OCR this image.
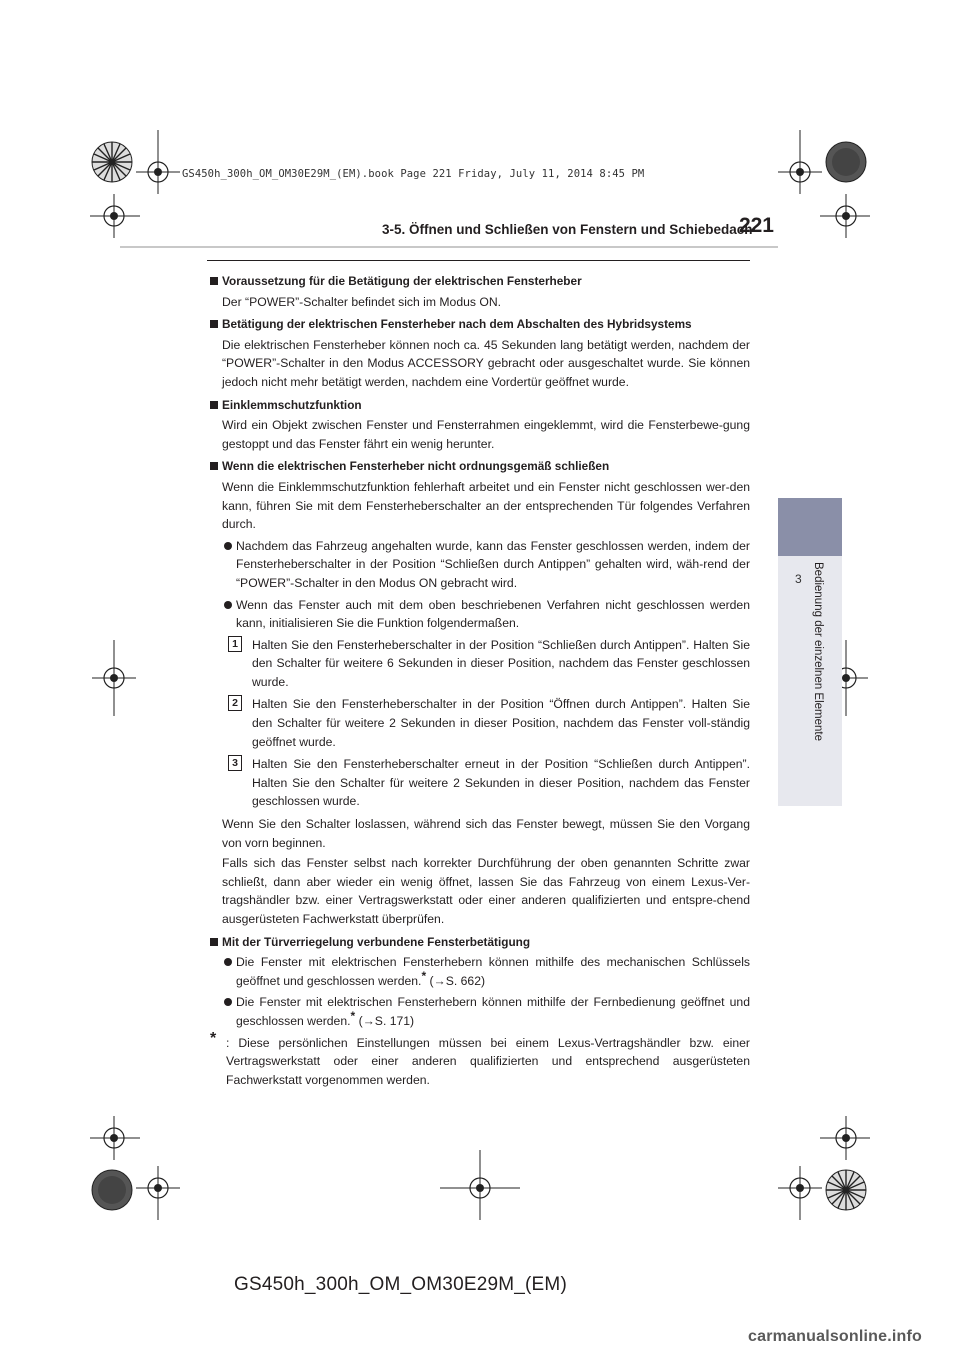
GS450h_300h_OM_OM30E29M_(EM).book Page 221 Friday, July 11, 2014 8:45 PM
3-5. Öffnen und Schließen von Fenstern und Schiebedach
221
3 Bedienung der einzelnen Elemente
Voraussetzung für die Betätigung der elektrischen Fensterheber
Der “POWER”-Schalter befindet sich im Modus ON.
Betätigung der elektrischen Fensterheber nach dem Abschalten des Hybridsystems
Die elektrischen Fensterheber können noch ca. 45 Sekunden lang betätigt werden, nachdem der “POWER”-Schalter in den Modus ACCESSORY gebracht oder ausgeschaltet wurde. Sie können jedoch nicht mehr betätigt werden, nachdem eine Vordertür geöffnet wurde.
Einklemmschutzfunktion
Wird ein Objekt zwischen Fenster und Fensterrahmen eingeklemmt, wird die Fensterbewe-gung gestoppt und das Fenster fährt ein wenig herunter.
Wenn die elektrischen Fensterheber nicht ordnungsgemäß schließen
Wenn die Einklemmschutzfunktion fehlerhaft arbeitet und ein Fenster nicht geschlossen wer-den kann, führen Sie mit dem Fensterheberschalter an der entsprechenden Tür folgendes Verfahren durch.
Nachdem das Fahrzeug angehalten wurde, kann das Fenster geschlossen werden, indem der Fensterheberschalter in der Position “Schließen durch Antippen” gehalten wird, wäh-rend der “POWER”-Schalter in den Modus ON gebracht wird.
Wenn das Fenster auch mit dem oben beschriebenen Verfahren nicht geschlossen werden kann, initialisieren Sie die Funktion folgendermaßen.
1	Halten Sie den Fensterheberschalter in der Position “Schließen durch Antippen”. Halten Sie den Schalter für weitere 6 Sekunden in dieser Position, nachdem das Fenster geschlossen wurde.
2	Halten Sie den Fensterheberschalter in der Position “Öffnen durch Antippen”. Halten Sie den Schalter für weitere 2 Sekunden in dieser Position, nachdem das Fenster voll-ständig geöffnet wurde.
3	Halten Sie den Fensterheberschalter erneut in der Position “Schließen durch Antippen”. Halten Sie den Schalter für weitere 2 Sekunden in dieser Position, nachdem das Fenster geschlossen wurde.
Wenn Sie den Schalter loslassen, während sich das Fenster bewegt, müssen Sie den Vorgang von vorn beginnen.
Falls sich das Fenster selbst nach korrekter Durchführung der oben genannten Schritte zwar schließt, dann aber wieder ein wenig öffnet, lassen Sie das Fahrzeug von einem Lexus-Ver-tragshändler bzw. einer Vertragswerkstatt oder einer anderen qualifizierten und entspre-chend ausgerüsteten Fachwerkstatt überprüfen.
Mit der Türverriegelung verbundene Fensterbetätigung
Die Fenster mit elektrischen Fensterhebern können mithilfe des mechanischen Schlüssels geöffnet und geschlossen werden.* (→S. 662)
Die Fenster mit elektrischen Fensterhebern können mithilfe der Fernbedienung geöffnet und geschlossen werden.* (→S. 171)
* : Diese persönlichen Einstellungen müssen bei einem Lexus-Vertragshändler bzw. einer Vertragswerkstatt oder einer anderen qualifizierten und entsprechend ausgerüsteten Fachwerkstatt vorgenommen werden.
GS450h_300h_OM_OM30E29M_(EM)
carmanualsonline.info
